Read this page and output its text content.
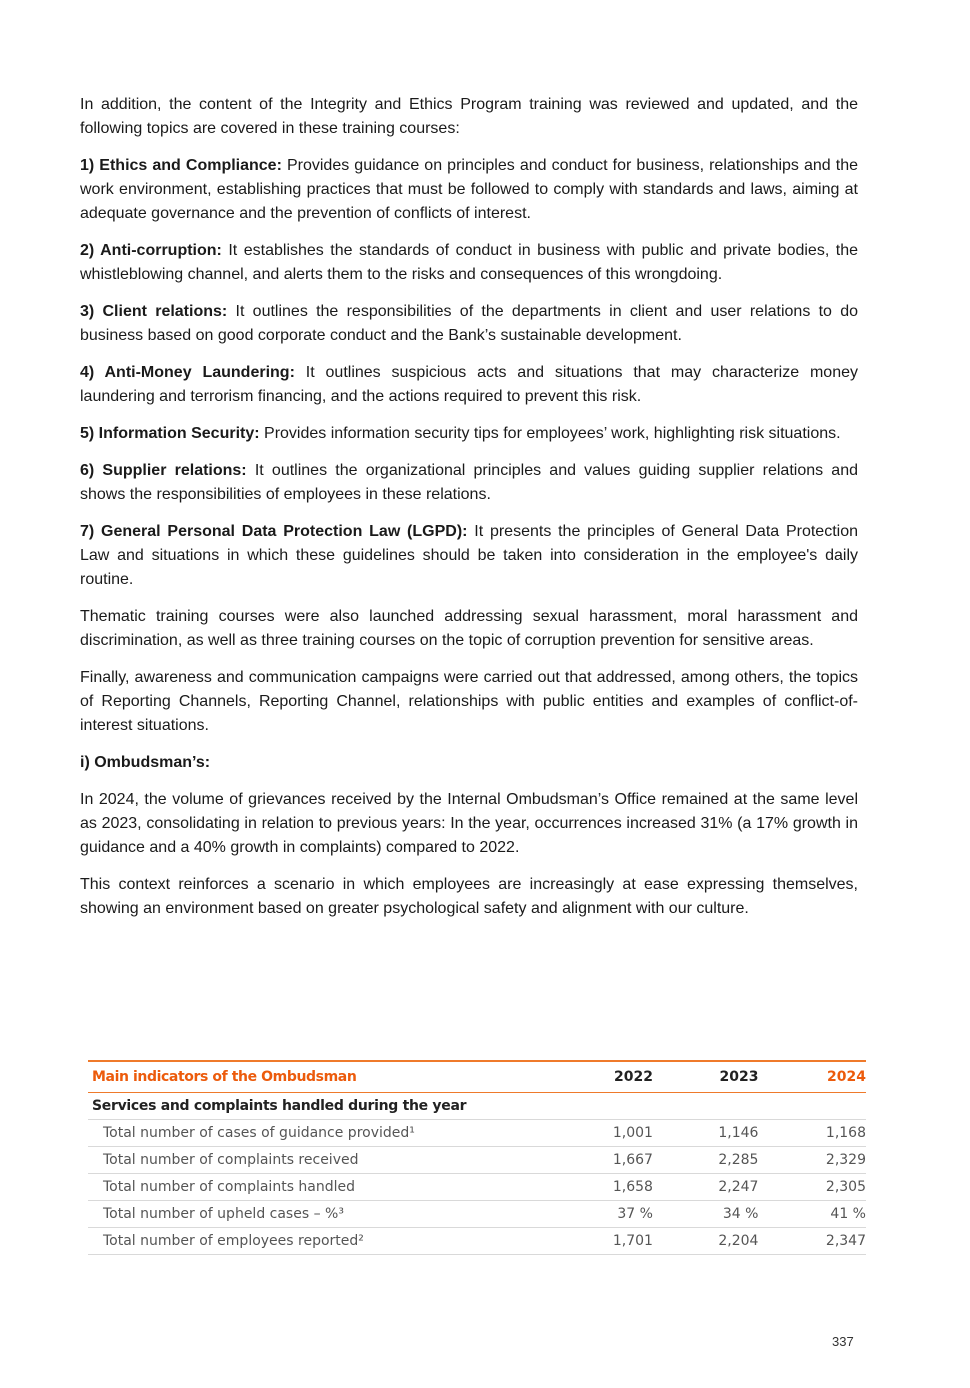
In addition, the content of the Integrity and Ethics Program training was reviewed and updated, and the following topics are covered in these training courses:

1) Ethics and Compliance: Provides guidance on principles and conduct for business, relationships and the work environment, establishing practices that must be followed to comply with standards and laws, aiming at adequate governance and the prevention of conflicts of interest.

2) Anti-corruption: It establishes the standards of conduct in business with public and private bodies, the whistleblowing channel, and alerts them to the risks and consequences of this wrongdoing.

3) Client relations: It outlines the responsibilities of the departments in client and user relations to do business based on good corporate conduct and the Bank’s sustainable development.

4) Anti-Money Laundering: It outlines suspicious acts and situations that may characterize money laundering and terrorism financing, and the actions required to prevent this risk.

5) Information Security: Provides information security tips for employees’ work, highlighting risk situations.

6) Supplier relations: It outlines the organizational principles and values guiding supplier relations and shows the responsibilities of employees in these relations.

7) General Personal Data Protection Law (LGPD): It presents the principles of General Data Protection Law and situations in which these guidelines should be taken into consideration in the employee's daily routine.

Thematic training courses were also launched addressing sexual harassment, moral harassment and discrimination, as well as three training courses on the topic of corruption prevention for sensitive areas.

Finally, awareness and communication campaigns were carried out that addressed, among others, the topics of Reporting Channels, Reporting Channel, relationships with public entities and examples of conflict-of-interest situations.

i) Ombudsman’s:

In 2024, the volume of grievances received by the Internal Ombudsman’s Office remained at the same level as 2023, consolidating in relation to previous years: In the year, occurrences increased 31% (a 17% growth in guidance and a 40% growth in complaints) compared to 2022.

This context reinforces a scenario in which employees are increasingly at ease expressing themselves, showing an environment based on greater psychological safety and alignment with our culture.

Main indicators of the Ombudsman	2022	2023	2024
Services and complaints handled during the year			
Total number of cases of guidance provided¹	1,001	1,146	1,168
Total number of complaints received	1,667	2,285	2,329
Total number of complaints handled	1,658	2,247	2,305
Total number of upheld cases – %³	37 %	34 %	41 %
Total number of employees reported²	1,701	2,204	2,347
337
